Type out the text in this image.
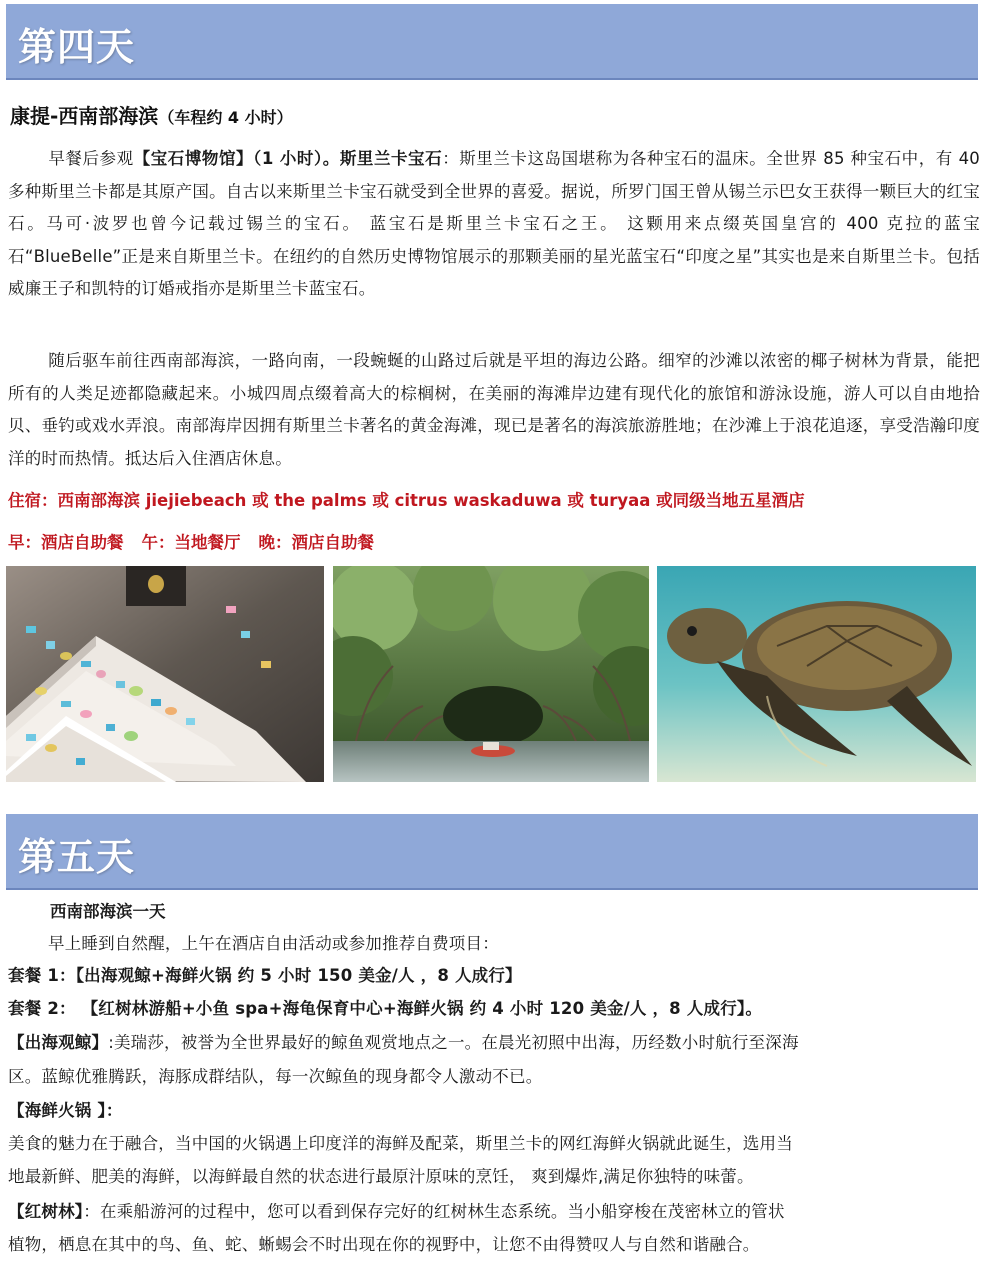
第四天
康提-西南部海滨（车程约 4 小时）

早餐后参观【宝石博物馆】（1 小时）。斯里兰卡宝石：斯里兰卡这岛国堪称为各种宝石的温床。全世界 85 种宝石中，有 40 多种斯里兰卡都是其原产国。自古以来斯里兰卡宝石就受到全世界的喜爱。据说，所罗门国王曾从锡兰示巴女王获得一颗巨大的红宝石。马可·波罗也曾今记载过锡兰的宝石。 蓝宝石是斯里兰卡宝石之王。 这颗用来点缀英国皇宫的 400 克拉的蓝宝石“BlueBelle”正是来自斯里兰卡。在纽约的自然历史博物馆展示的那颗美丽的星光蓝宝石“印度之星”其实也是来自斯里兰卡。包括威廉王子和凯特的订婚戒指亦是斯里兰卡蓝宝石。

随后驱车前往西南部海滨，一路向南，一段蜿蜒的山路过后就是平坦的海边公路。细窄的沙滩以浓密的椰子树林为背景，能把所有的人类足迹都隐藏起来。小城四周点缀着高大的棕榈树，在美丽的海滩岸边建有现代化的旅馆和游泳设施，游人可以自由地拾贝、垂钓或戏水弄浪。南部海岸因拥有斯里兰卡著名的黄金海滩，现已是著名的海滨旅游胜地；在沙滩上于浪花追逐，享受浩瀚印度洋的时而热情。抵达后入住酒店休息。

住宿：西南部海滨 jiejiebeach 或 the palms 或 citrus waskaduwa 或 turyaa 或同级当地五星酒店
早：酒店自助餐 午：当地餐厅 晚：酒店自助餐
第五天
西南部海滨一天
早上睡到自然醒，上午在酒店自由活动或参加推荐自费项目：
套餐 1：【出海观鲸+海鲜火锅 约 5 小时 150 美金/人 ，8 人成行】
套餐 2： 【红树林游船+小鱼 spa+海龟保育中心+海鲜火锅 约 4 小时 120 美金/人 ，8 人成行】。
【出海观鲸】:美瑞莎，被誉为全世界最好的鲸鱼观赏地点之一。在晨光初照中出海，历经数小时航行至深海
区。蓝鲸优雅腾跃，海豚成群结队，每一次鲸鱼的现身都令人激动不已。
【海鲜火锅 】：
美食的魅力在于融合，当中国的火锅遇上印度洋的海鲜及配菜，斯里兰卡的网红海鲜火锅就此诞生，选用当
地最新鲜、肥美的海鲜，以海鲜最自然的状态进行最原汁原味的烹饪， 爽到爆炸,满足你独特的味蕾。
【红树林】：在乘船游河的过程中，您可以看到保存完好的红树林生态系统。当小船穿梭在茂密林立的管状
植物，栖息在其中的鸟、鱼、蛇、蜥蜴会不时出现在你的视野中，让您不由得赞叹人与自然和谐融合。
